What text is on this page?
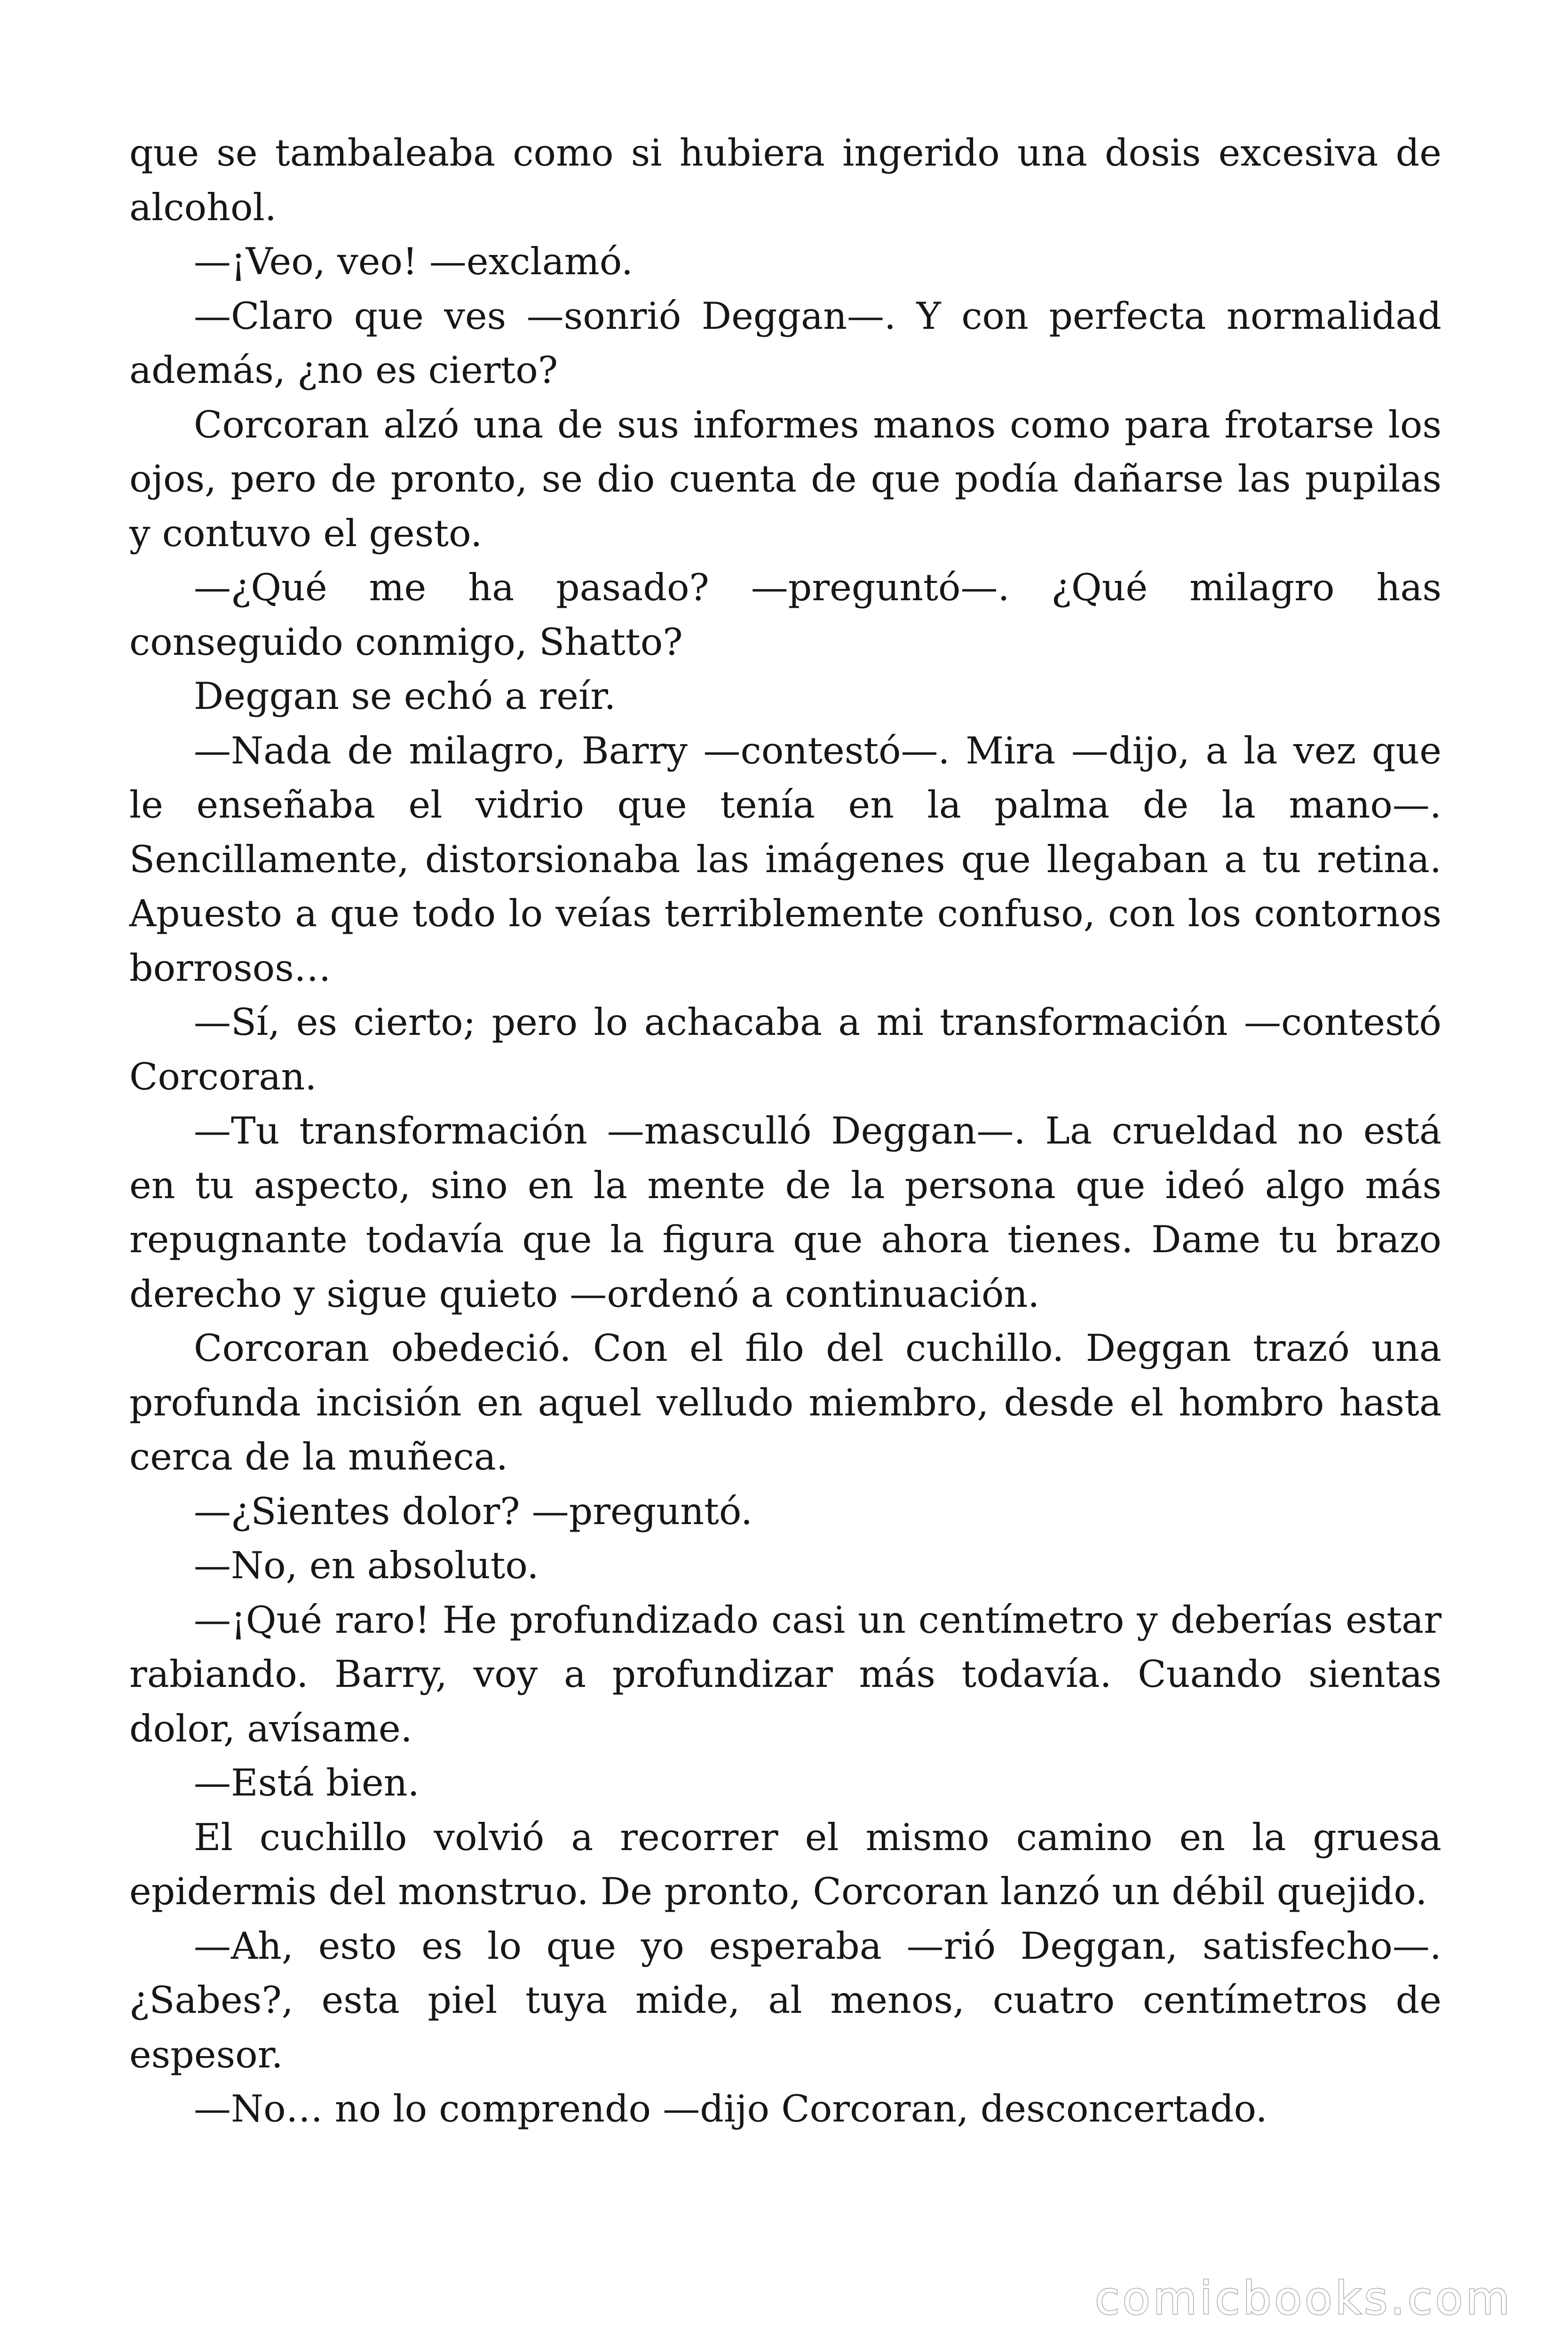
que se tambaleaba como si hubiera ingerido una dosis excesiva de alcohol.

—¡Veo, veo! —exclamó.

—Claro que ves —sonrió Deggan—. Y con perfecta normalidad además, ¿no es cierto?

Corcoran alzó una de sus informes manos como para frotarse los ojos, pero de pronto, se dio cuenta de que podía dañarse las pupilas y contuvo el gesto.

—¿Qué me ha pasado? —preguntó—. ¿Qué milagro has conseguido conmigo, Shatto?

Deggan se echó a reír.

—Nada de milagro, Barry —contestó—. Mira —dijo, a la vez que le enseñaba el vidrio que tenía en la palma de la mano—. Sencillamente, distorsionaba las imágenes que llegaban a tu retina. Apuesto a que todo lo veías terriblemente confuso, con los contornos borrosos…

—Sí, es cierto; pero lo achacaba a mi transformación —contestó Corcoran.

—Tu transformación —masculló Deggan—. La crueldad no está en tu aspecto, sino en la mente de la persona que ideó algo más repugnante todavía que la figura que ahora tienes. Dame tu brazo derecho y sigue quieto —ordenó a continuación.

Corcoran obedeció. Con el filo del cuchillo. Deggan trazó una profunda incisión en aquel velludo miembro, desde el hombro hasta cerca de la muñeca.

—¿Sientes dolor? —preguntó.

—No, en absoluto.

—¡Qué raro! He profundizado casi un centímetro y deberías estar rabiando. Barry, voy a profundizar más todavía. Cuando sientas dolor, avísame.

—Está bien.

El cuchillo volvió a recorrer el mismo camino en la gruesa epidermis del monstruo. De pronto, Corcoran lanzó un débil quejido.

—Ah, esto es lo que yo esperaba —rió Deggan, satisfecho—. ¿Sabes?, esta piel tuya mide, al menos, cuatro centímetros de espesor.

—No… no lo comprendo —dijo Corcoran, desconcertado.

comicbooks.com
